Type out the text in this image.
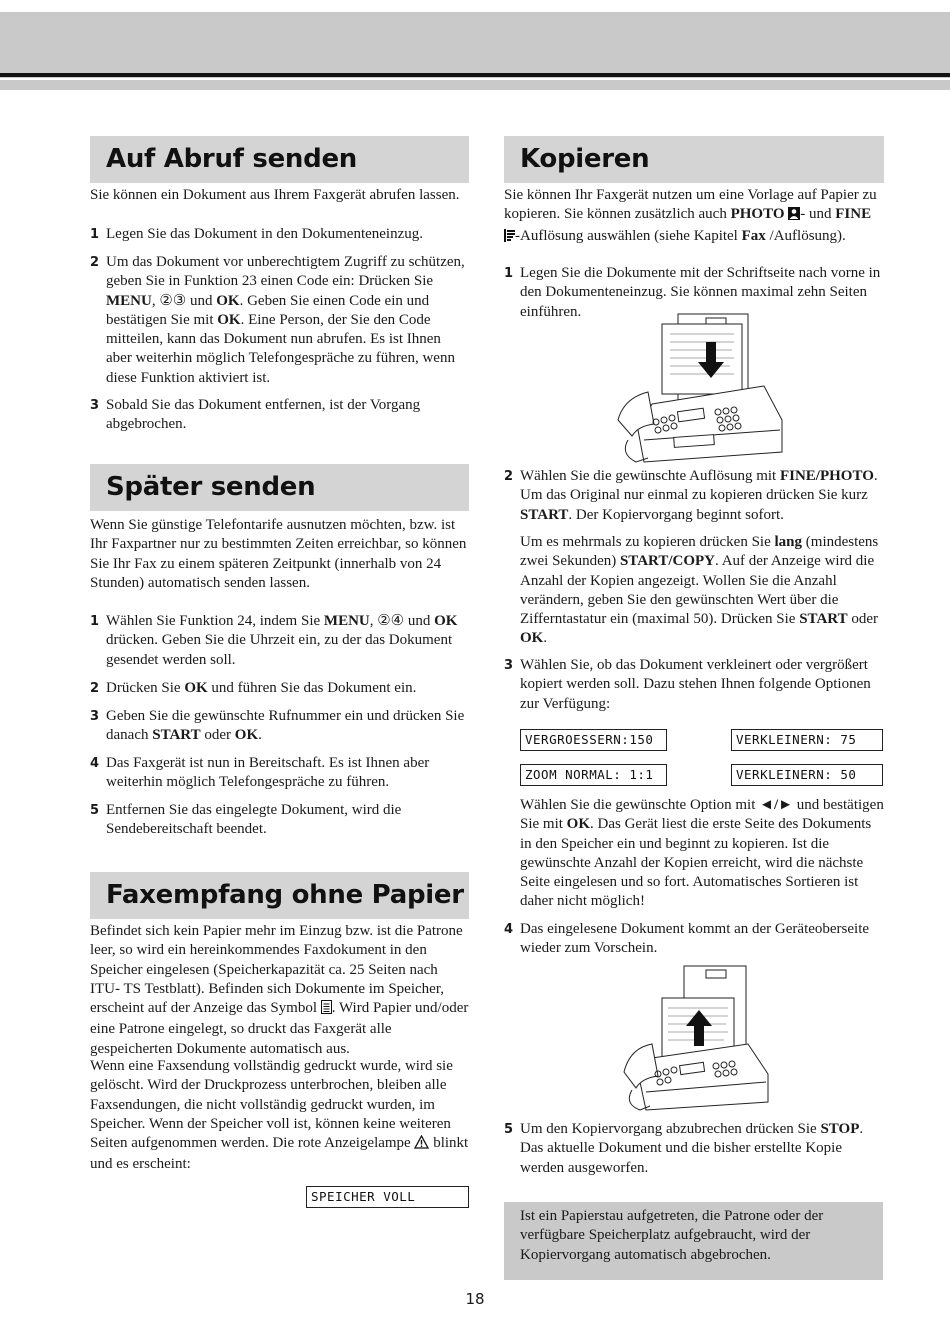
Auf Abruf senden

Sie können ein Dokument aus Ihrem Faxgerät abrufen lassen.

1 Legen Sie das Dokument in den Dokumenteneinzug.
2 Um das Dokument vor unberechtigtem Zugriff zu schützen, geben Sie in Funktion 23 einen Code ein: Drücken Sie MENU, ②③ und OK. Geben Sie einen Code ein und bestätigen Sie mit OK. Eine Person, der Sie den Code mitteilen, kann das Dokument nun abrufen. Es ist Ihnen aber weiterhin möglich Telefongespräche zu führen, wenn diese Funktion aktiviert ist.
3 Sobald Sie das Dokument entfernen, ist der Vorgang abgebrochen.
Später senden

Wenn Sie günstige Telefontarife ausnutzen möchten, bzw. ist Ihr Faxpartner nur zu bestimmten Zeiten erreichbar, so können Sie Ihr Fax zu einem späteren Zeitpunkt (innerhalb von 24 Stunden) automatisch senden lassen.

1 Wählen Sie Funktion 24, indem Sie MENU, ②④ und OK drücken. Geben Sie die Uhrzeit ein, zu der das Dokument gesendet werden soll.
2 Drücken Sie OK und führen Sie das Dokument ein.
3 Geben Sie die gewünschte Rufnummer ein und drücken Sie danach START oder OK.
4 Das Faxgerät ist nun in Bereitschaft. Es ist Ihnen aber weiterhin möglich Telefongespräche zu führen.
5 Entfernen Sie das eingelegte Dokument, wird die Sendebereitschaft beendet.
Faxempfang ohne Papier

Befindet sich kein Papier mehr im Einzug bzw. ist die Patrone leer, so wird ein hereinkommendes Faxdokument in den Speicher eingelesen (Speicherkapazität ca. 25 Seiten nach ITU- TS Testblatt). Befinden sich Dokumente im Speicher, erscheint auf der Anzeige das Symbol . Wird Papier und/oder eine Patrone eingelegt, so druckt das Faxgerät alle gespeicherten Dokumente automatisch aus.

Wenn eine Faxsendung vollständig gedruckt wurde, wird sie gelöscht. Wird der Druckprozess unterbrochen, bleiben alle Faxsendungen, die nicht vollständig gedruckt wurden, im Speicher. Wenn der Speicher voll ist, können keine weiteren Seiten aufgenommen werden. Die rote Anzeigelampe  blinkt und es erscheint:

SPEICHER VOLL
Kopieren

Sie können Ihr Faxgerät nutzen um eine Vorlage auf Papier zu kopieren. Sie können zusätzlich auch PHOTO - und FINE
-Auflösung auswählen (siehe Kapitel Fax /Auflösung).

1 Legen Sie die Dokumente mit der Schriftseite nach vorne in den Dokumenteneinzug. Sie können maximal zehn Seiten einführen.
2 Wählen Sie die gewünschte Auflösung mit FINE/PHOTO. Um das Original nur einmal zu kopieren drücken Sie kurz START. Der Kopiervorgang beginnt sofort.

Um es mehrmals zu kopieren drücken Sie lang (mindestens zwei Sekunden) START/COPY. Auf der Anzeige wird die Anzahl der Kopien angezeigt. Wollen Sie die Anzahl verändern, geben Sie den gewünschten Wert über die Zifferntastatur ein (maximal 50). Drücken Sie START oder OK.

3 Wählen Sie, ob das Dokument verkleinert oder vergrößert kopiert werden soll. Dazu stehen Ihnen folgende Optionen zur Verfügung:
VERGROESSERN:150	VERKLEINERN: 75
ZOOM NORMAL: 1:1	VERKLEINERN: 50

Wählen Sie die gewünschte Option mit ◄/► und bestätigen Sie mit OK. Das Gerät liest die erste Seite des Dokuments in den Speicher ein und beginnt zu kopieren. Ist die gewünschte Anzahl der Kopien erreicht, wird die nächste Seite eingelesen und so fort. Automatisches Sortieren ist daher nicht möglich!

4 Das eingelesene Dokument kommt an der Geräteoberseite wieder zum Vorschein.
5 Um den Kopiervorgang abzubrechen drücken Sie STOP. Das aktuelle Dokument und die bisher erstellte Kopie werden ausgeworfen.
Ist ein Papierstau aufgetreten, die Patrone oder der verfügbare Speicherplatz aufgebraucht, wird der Kopiervorgang automatisch abgebrochen.
18
